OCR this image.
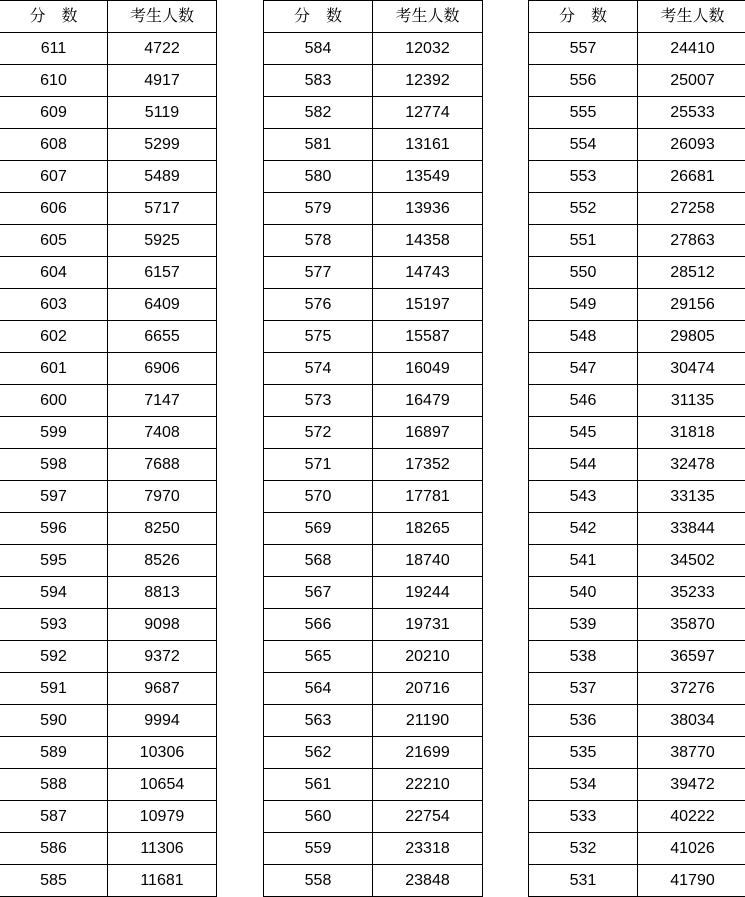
分　数	考生人数
611	4722
610	4917
609	5119
608	5299
607	5489
606	5717
605	5925
604	6157
603	6409
602	6655
601	6906
600	7147
599	7408
598	7688
597	7970
596	8250
595	8526
594	8813
593	9098
592	9372
591	9687
590	9994
589	10306
588	10654
587	10979
586	11306
585	11681
分　数	考生人数
584	12032
583	12392
582	12774
581	13161
580	13549
579	13936
578	14358
577	14743
576	15197
575	15587
574	16049
573	16479
572	16897
571	17352
570	17781
569	18265
568	18740
567	19244
566	19731
565	20210
564	20716
563	21190
562	21699
561	22210
560	22754
559	23318
558	23848
分　数	考生人数
557	24410
556	25007
555	25533
554	26093
553	26681
552	27258
551	27863
550	28512
549	29156
548	29805
547	30474
546	31135
545	31818
544	32478
543	33135
542	33844
541	34502
540	35233
539	35870
538	36597
537	37276
536	38034
535	38770
534	39472
533	40222
532	41026
531	41790
